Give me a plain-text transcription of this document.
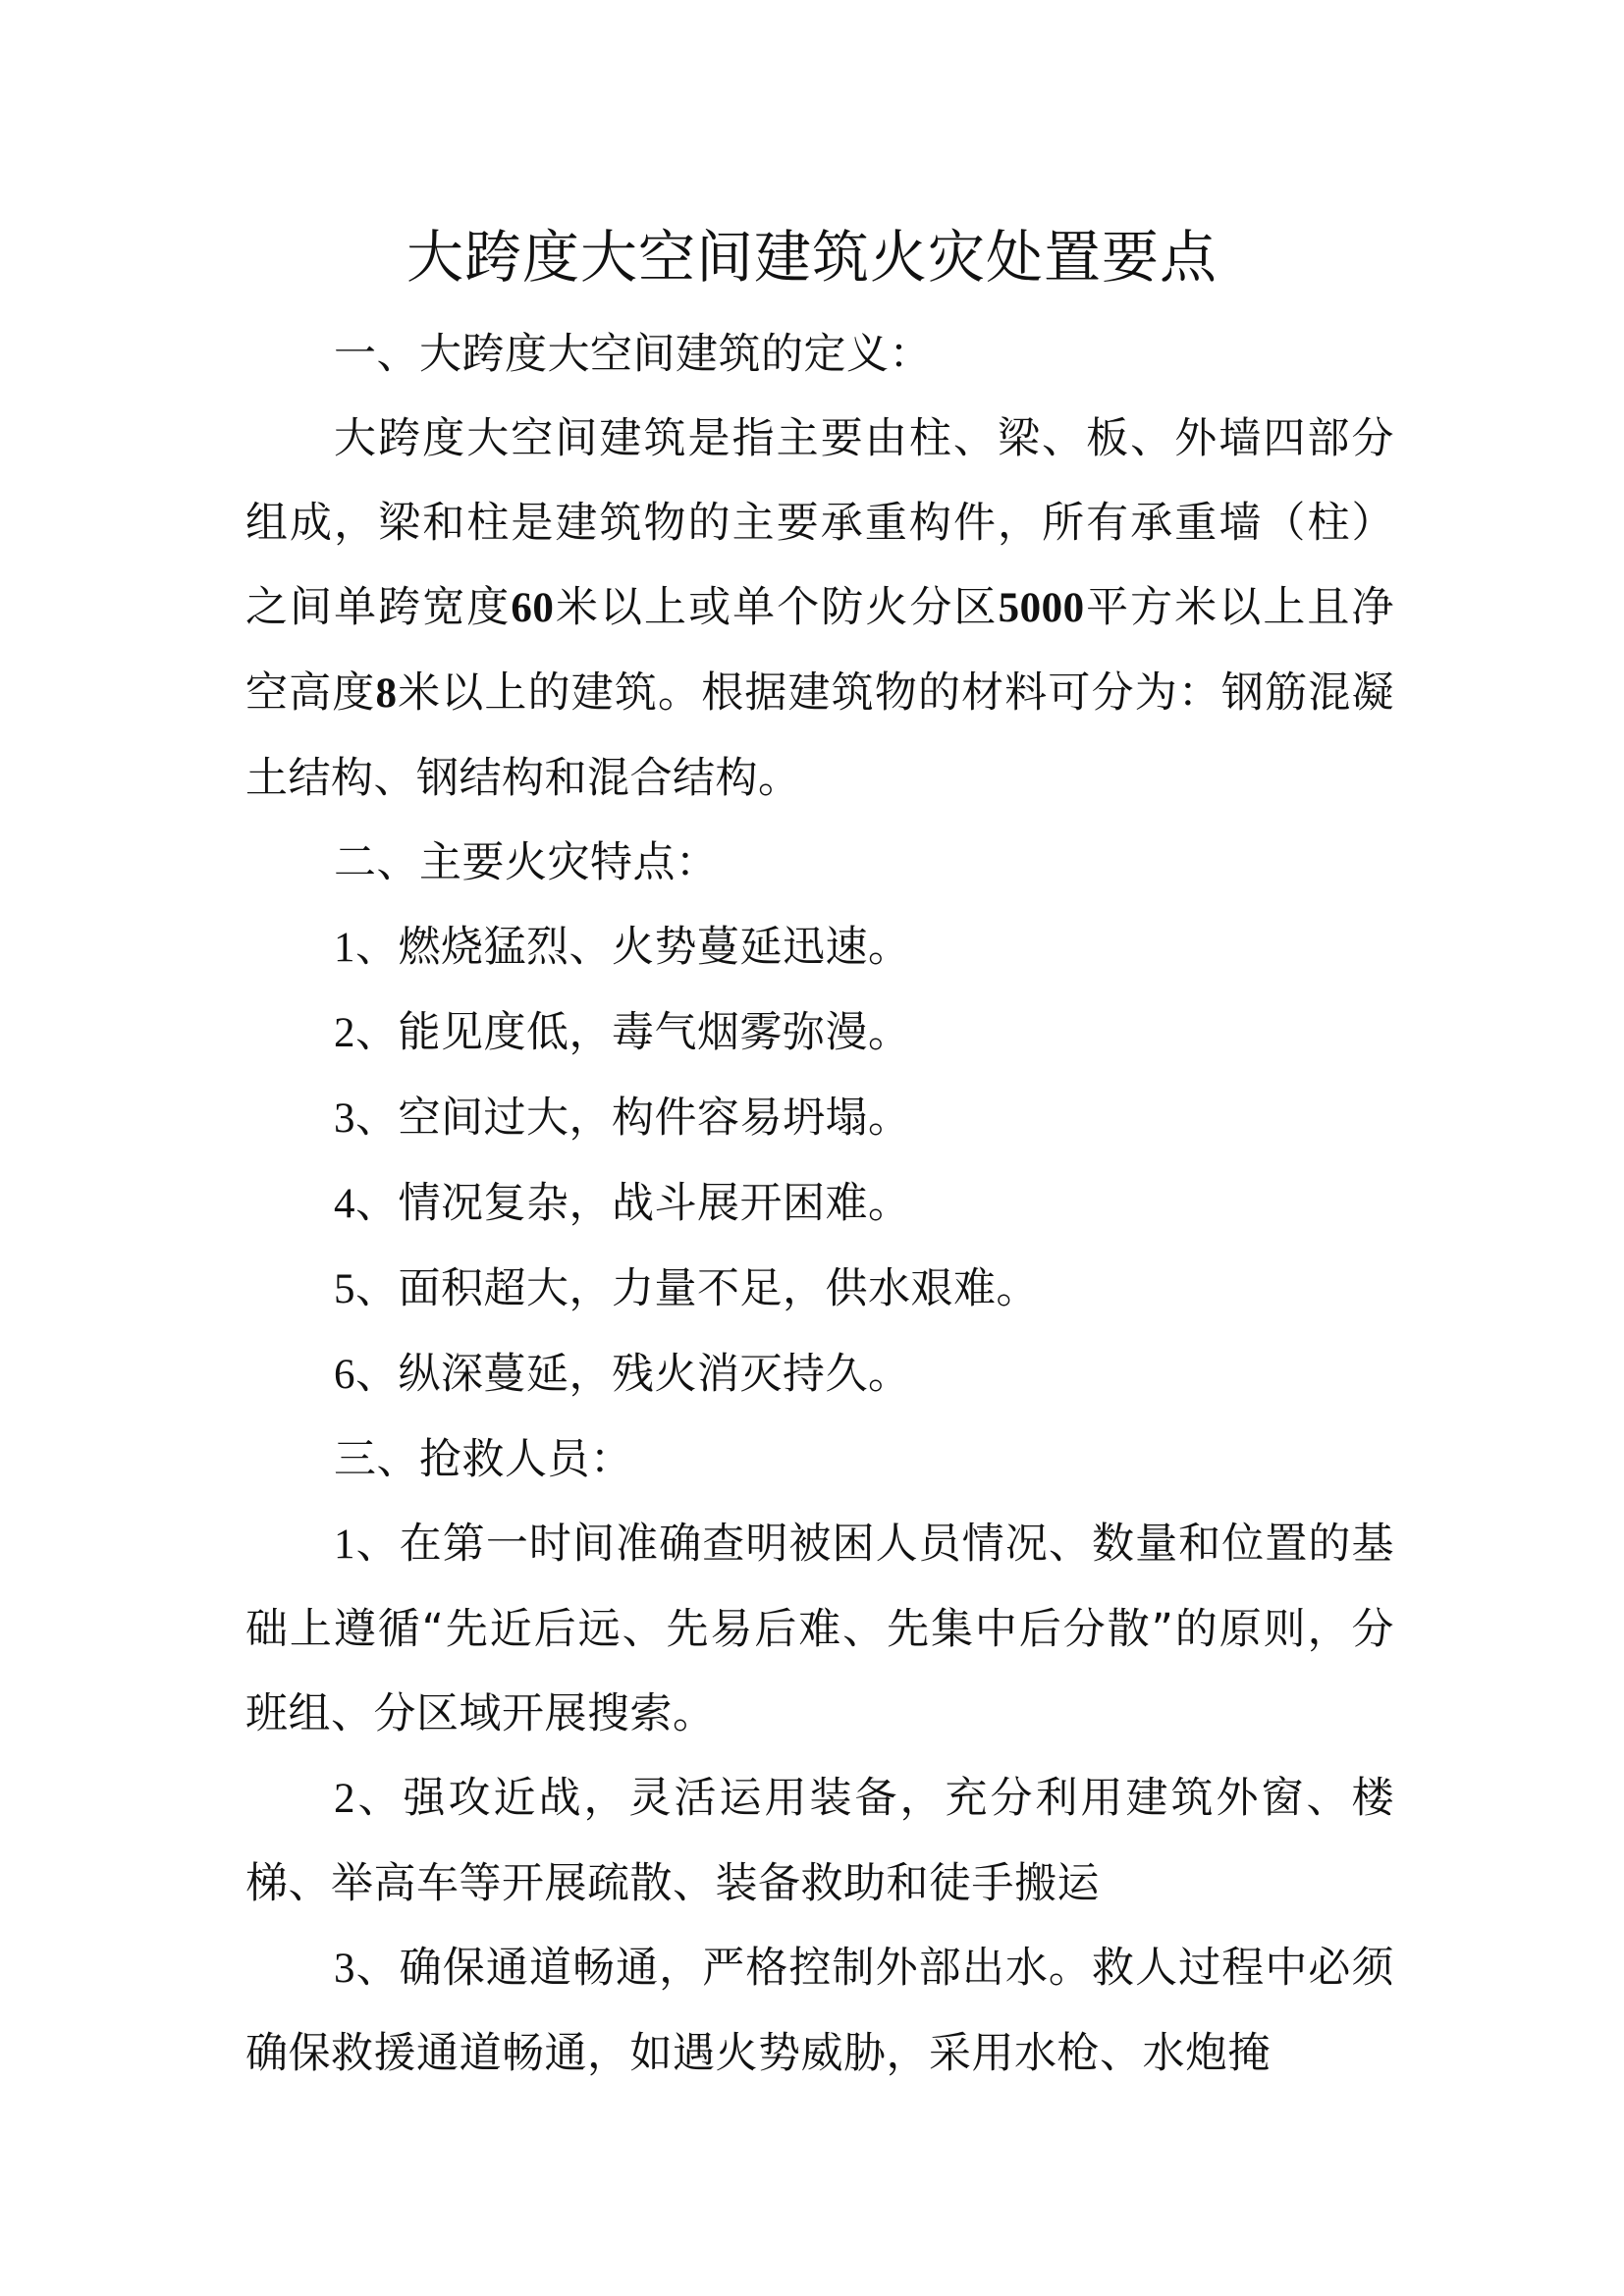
大跨度大空间建筑火灾处置要点

一、大跨度大空间建筑的定义：

大跨度大空间建筑是指主要由柱、梁、板、外墙四部分组成，梁和柱是建筑物的主要承重构件，所有承重墙（柱）之间单跨宽度60米以上或单个防火分区5000平方米以上且净空高度8米以上的建筑。根据建筑物的材料可分为：钢筋混凝土结构、钢结构和混合结构。

二、主要火灾特点：

1、燃烧猛烈、火势蔓延迅速。

2、能见度低，毒气烟雾弥漫。

3、空间过大，构件容易坍塌。

4、情况复杂，战斗展开困难。

5、面积超大，力量不足，供水艰难。

6、纵深蔓延，残火消灭持久。

三、抢救人员：

1、在第一时间准确查明被困人员情况、数量和位置的基础上遵循“先近后远、先易后难、先集中后分散”的原则，分班组、分区域开展搜索。

2、强攻近战，灵活运用装备，充分利用建筑外窗、楼梯、举高车等开展疏散、装备救助和徒手搬运

3、确保通道畅通，严格控制外部出水。救人过程中必须确保救援通道畅通，如遇火势威胁，采用水枪、水炮掩
